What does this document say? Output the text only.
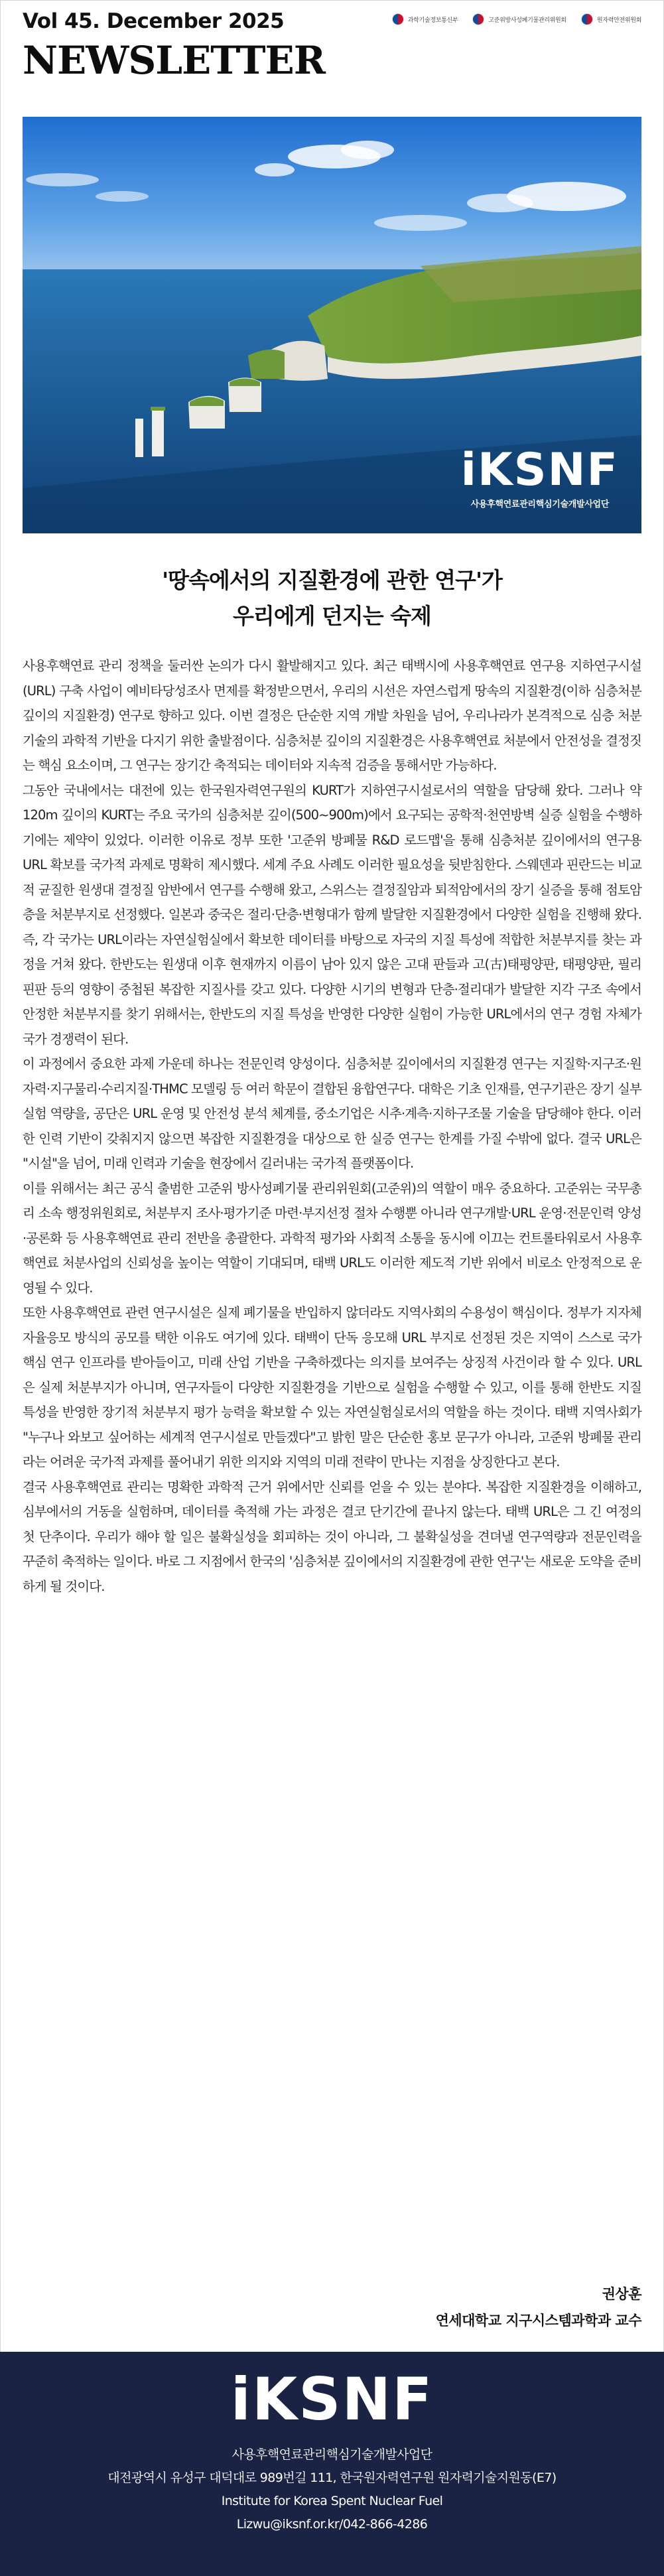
Vol 45. December 2025
NEWSLETTER
과학기술정보통신부	고준위방사성폐기물관리위원회	원자력안전위원회
iKSNF
사용후핵연료관리핵심기술개발사업단
'땅속에서의 지질환경에 관한 연구'가
우리에게 던지는 숙제

사용후핵연료 관리 정책을 둘러싼 논의가 다시 활발해지고 있다. 최근 태백시에 사용후핵연료 연구용 지하연구시설(URL) 구축 사업이 예비타당성조사 면제를 확정받으면서, 우리의 시선은 자연스럽게 땅속의 지질환경(이하 심층처분 깊이의 지질환경) 연구로 향하고 있다. 이번 결정은 단순한 지역 개발 차원을 넘어, 우리나라가 본격적으로 심층 처분기술의 과학적 기반을 다지기 위한 출발점이다. 심층처분 깊이의 지질환경은 사용후핵연료 처분에서 안전성을 결정짓는 핵심 요소이며, 그 연구는 장기간 축적되는 데이터와 지속적 검증을 통해서만 가능하다.

그동안 국내에서는 대전에 있는 한국원자력연구원의 KURT가 지하연구시설로서의 역할을 담당해 왔다. 그러나 약 120m 깊이의 KURT는 주요 국가의 심층처분 깊이(500~900m)에서 요구되는 공학적·천연방벽 실증 실험을 수행하기에는 제약이 있었다. 이러한 이유로 정부 또한 '고준위 방폐물 R&D 로드맵'을 통해 심층처분 깊이에서의 연구용 URL 확보를 국가적 과제로 명확히 제시했다. 세계 주요 사례도 이러한 필요성을 뒷받침한다. 스웨덴과 핀란드는 비교적 균질한 원생대 결정질 암반에서 연구를 수행해 왔고, 스위스는 결정질암과 퇴적암에서의 장기 실증을 통해 점토암층을 처분부지로 선정했다. 일본과 중국은 절리·단층·변형대가 함께 발달한 지질환경에서 다양한 실험을 진행해 왔다. 즉, 각 국가는 URL이라는 자연실험실에서 확보한 데이터를 바탕으로 자국의 지질 특성에 적합한 처분부지를 찾는 과정을 거쳐 왔다. 한반도는 원생대 이후 현재까지 이름이 남아 있지 않은 고대 판들과 고(古)태평양판, 태평양판, 필리핀판 등의 영향이 중첩된 복잡한 지질사를 갖고 있다. 다양한 시기의 변형과 단층·절리대가 발달한 지각 구조 속에서 안정한 처분부지를 찾기 위해서는, 한반도의 지질 특성을 반영한 다양한 실험이 가능한 URL에서의 연구 경험 자체가 국가 경쟁력이 된다.

이 과정에서 중요한 과제 가운데 하나는 전문인력 양성이다. 심층처분 깊이에서의 지질환경 연구는 지질학·지구조·원자력·지구물리·수리지질·THMC 모델링 등 여러 학문이 결합된 융합연구다. 대학은 기초 인재를, 연구기관은 장기 실부 실험 역량을, 공단은 URL 운영 및 안전성 분석 체계를, 중소기업은 시추·계측·지하구조물 기술을 담당해야 한다. 이러한 인력 기반이 갖춰지지 않으면 복잡한 지질환경을 대상으로 한 실증 연구는 한계를 가질 수밖에 없다. 결국 URL은 "시설"을 넘어, 미래 인력과 기술을 현장에서 길러내는 국가적 플랫폼이다.

이를 위해서는 최근 공식 출범한 고준위 방사성폐기물 관리위원회(고준위)의 역할이 매우 중요하다. 고준위는 국무총리 소속 행정위원회로, 처분부지 조사·평가기준 마련·부지선정 절차 수행뿐 아니라 연구개발·URL 운영·전문인력 양성·공론화 등 사용후핵연료 관리 전반을 총괄한다. 과학적 평가와 사회적 소통을 동시에 이끄는 컨트롤타워로서 사용후핵연료 처분사업의 신뢰성을 높이는 역할이 기대되며, 태백 URL도 이러한 제도적 기반 위에서 비로소 안정적으로 운영될 수 있다.

또한 사용후핵연료 관련 연구시설은 실제 폐기물을 반입하지 않더라도 지역사회의 수용성이 핵심이다. 정부가 지자체 자율응모 방식의 공모를 택한 이유도 여기에 있다. 태백이 단독 응모해 URL 부지로 선정된 것은 지역이 스스로 국가 핵심 연구 인프라를 받아들이고, 미래 산업 기반을 구축하겠다는 의지를 보여주는 상징적 사건이라 할 수 있다. URL은 실제 처분부지가 아니며, 연구자들이 다양한 지질환경을 기반으로 실험을 수행할 수 있고, 이를 통해 한반도 지질 특성을 반영한 장기적 처분부지 평가 능력을 확보할 수 있는 자연실험실로서의 역할을 하는 것이다. 태백 지역사회가 "누구나 와보고 싶어하는 세계적 연구시설로 만들겠다"고 밝힌 말은 단순한 홍보 문구가 아니라, 고준위 방폐물 관리라는 어려운 국가적 과제를 풀어내기 위한 의지와 지역의 미래 전략이 만나는 지점을 상징한다고 본다.

결국 사용후핵연료 관리는 명확한 과학적 근거 위에서만 신뢰를 얻을 수 있는 분야다. 복잡한 지질환경을 이해하고, 심부에서의 거동을 실험하며, 데이터를 축적해 가는 과정은 결코 단기간에 끝나지 않는다. 태백 URL은 그 긴 여정의 첫 단추이다. 우리가 해야 할 일은 불확실성을 회피하는 것이 아니라, 그 불확실성을 견뎌낼 연구역량과 전문인력을 꾸준히 축적하는 일이다. 바로 그 지점에서 한국의 '심층처분 깊이에서의 지질환경에 관한 연구'는 새로운 도약을 준비하게 될 것이다.

권상훈
연세대학교 지구시스템과학과 교수
iKSNF
사용후핵연료관리핵심기술개발사업단
대전광역시 유성구 대덕대로 989번길 111, 한국원자력연구원 원자력기술지원동(E7)
Institute for Korea Spent Nuclear Fuel
Lizwu@iksnf.or.kr/042-866-4286
